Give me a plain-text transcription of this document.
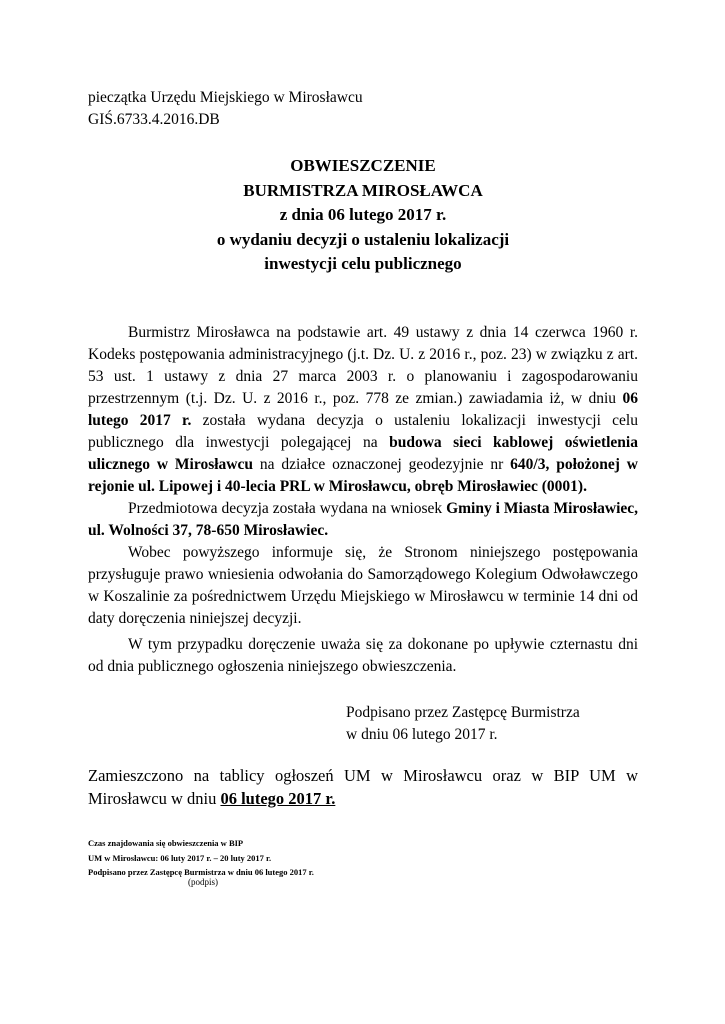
pieczątka Urzędu Miejskiego w Mirosławcu
GIŚ.6733.4.2016.DB
OBWIESZCZENIE
BURMISTRZA MIROSŁAWCA
z dnia 06 lutego 2017 r.
o wydaniu decyzji o ustaleniu lokalizacji
inwestycji celu publicznego

Burmistrz Mirosławca na podstawie art. 49 ustawy z dnia 14 czerwca 1960 r. Kodeks postępowania administracyjnego (j.t. Dz. U. z 2016 r., poz. 23) w związku z art. 53 ust. 1 ustawy z dnia 27 marca 2003 r. o planowaniu i zagospodarowaniu przestrzennym (t.j. Dz. U. z 2016 r., poz. 778 ze zmian.) zawiadamia iż, w dniu 06 lutego 2017 r. została wydana decyzja o ustaleniu lokalizacji inwestycji celu publicznego dla inwestycji polegającej na budowa sieci kablowej oświetlenia ulicznego w Mirosławcu na działce oznaczonej geodezyjnie nr 640/3, położonej w rejonie ul. Lipowej i 40-lecia PRL w Mirosławcu, obręb Mirosławiec (0001).

Przedmiotowa decyzja została wydana na wniosek Gminy i Miasta Mirosławiec, ul. Wolności 37, 78-650 Mirosławiec.

Wobec powyższego informuje się, że Stronom niniejszego postępowania przysługuje prawo wniesienia odwołania do Samorządowego Kolegium Odwoławczego w Koszalinie za pośrednictwem Urzędu Miejskiego w Mirosławcu w terminie 14 dni od daty doręczenia niniejszej decyzji.

W tym przypadku doręczenie uważa się za dokonane po upływie czternastu dni od dnia publicznego ogłoszenia niniejszego obwieszczenia.

Podpisano przez Zastępcę Burmistrza
w dniu 06 lutego 2017 r.
Zamieszczono na tablicy ogłoszeń UM w Mirosławcu oraz w BIP UM w Mirosławcu w dniu 06 lutego 2017 r.
Czas znajdowania się obwieszczenia w BIP
UM w Mirosławcu: 06 luty 2017 r. – 20 luty 2017 r.
Podpisano przez Zastępcę Burmistrza w dniu 06 lutego 2017 r.
(podpis)
